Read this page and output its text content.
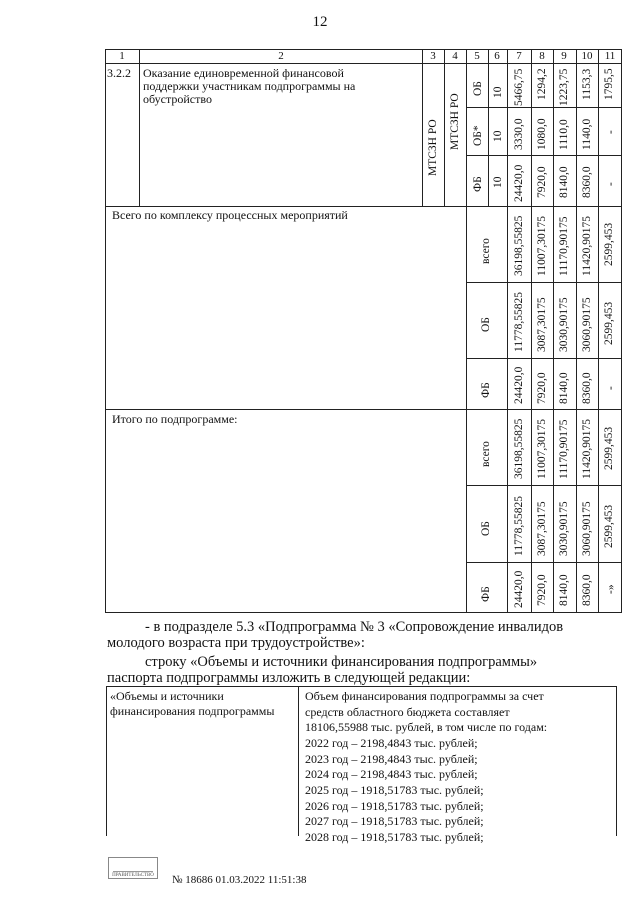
12
1	2	3	4	5	6	7	8	9	10	11
3.2.2 Оказание единовременной финансовой
поддержки участникам подпрограммы на
обустройство
МТСЗН РО МТСЗН РО
ОБ 10 5466,75 1294,2 1223,75 1153,3 1795,5
ОБ* 10 3330,0 1080,0 1110,0 1140,0 -
ФБ 10 24420,0 7920,0 8140,0 8360,0 -
Всего по комплексу процессных мероприятий
всего 36198,55825 11007,30175 11170,90175 11420,90175 2599,453
ОБ 11778,55825 3087,30175 3030,90175 3060,90175 2599,453
ФБ 24420,0 7920,0 8140,0 8360,0 -
Итого по подпрограмме:
всего 36198,55825 11007,30175 11170,90175 11420,90175 2599,453
ОБ 11778,55825 3087,30175 3030,90175 3060,90175 2599,453
ФБ 24420,0 7920,0 8140,0 8360,0 -»
- в подразделе 5.3 «Подпрограмма № 3 «Сопровождение инвалидов
молодого возраста при трудоустройстве»:
строку «Объемы и источники финансирования подпрограммы»
паспорта подпрограммы изложить в следующей редакции:
«Объемы и источники
финансирования подпрограммы
Объем финансирования подпрограммы за счет
средств областного бюджета составляет
18106,55988 тыс. рублей, в том числе по годам:
2022 год – 2198,4843 тыс. рублей;
2023 год – 2198,4843 тыс. рублей;
2024 год – 2198,4843 тыс. рублей;
2025 год – 1918,51783 тыс. рублей;
2026 год – 1918,51783 тыс. рублей;
2027 год – 1918,51783 тыс. рублей;
2028 год – 1918,51783 тыс. рублей;
ПРАВИТЕЛЬСТВО	№ 18686 01.03.2022 11:51:38
